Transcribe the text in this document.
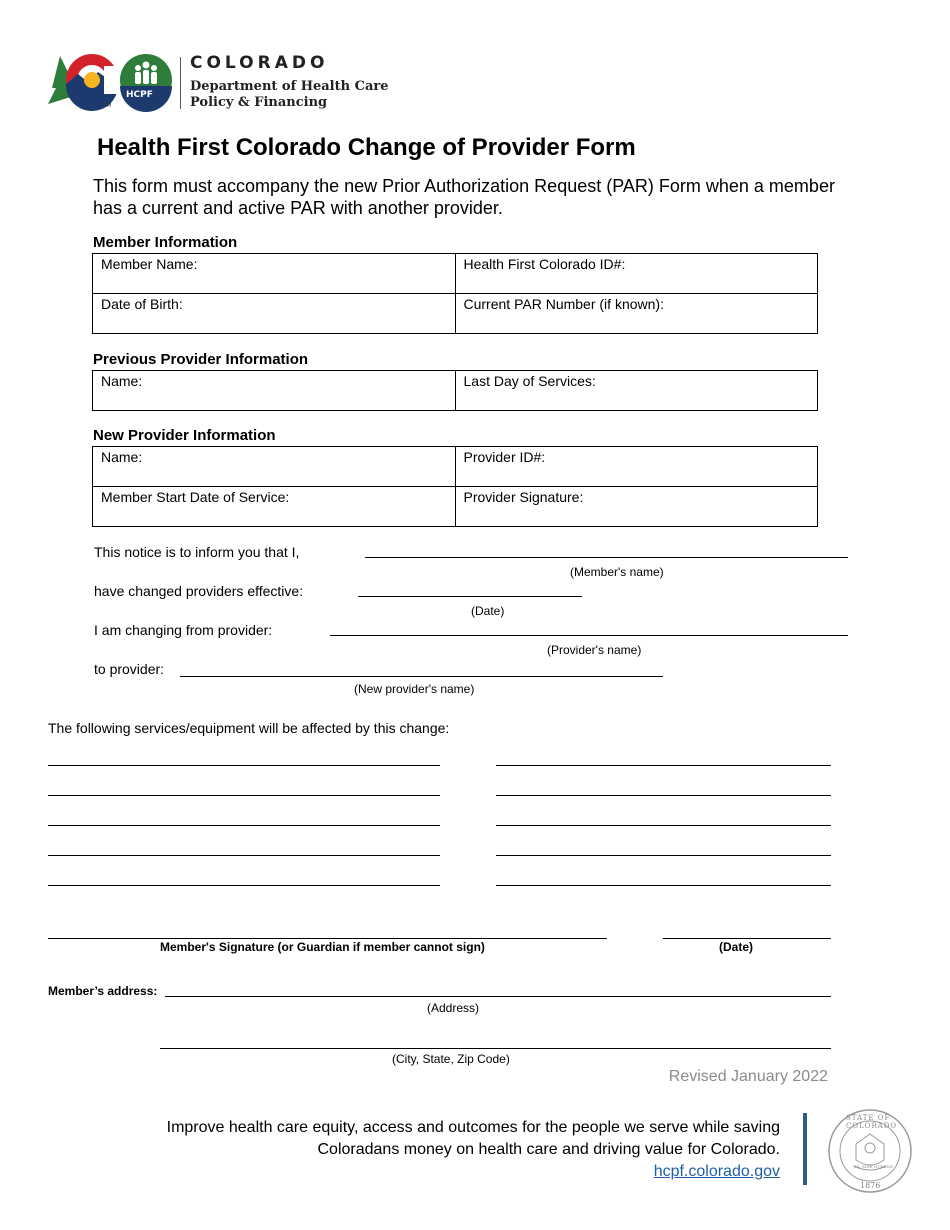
HCPF
TM
COLORADO
Department of Health Care
Policy & Financing
Health First Colorado Change of Provider Form
This form must accompany the new Prior Authorization Request (PAR) Form when a member has a current and active PAR with another provider.
Member Information
Member Name:	Health First Colorado ID#:
Date of Birth:	Current PAR Number (if known):
Previous Provider Information
Name:	Last Day of Services:
New Provider Information
Name:	Provider ID#:
Member Start Date of Service:	Provider Signature:
This notice is to inform you that I,
(Member's name)
have changed providers effective:
(Date)
I am changing from provider:
(Provider's name)
to provider:
(New provider's name)
The following services/equipment will be affected by this change:
Member's Signature (or Guardian if member cannot sign)	(Date)
Member’s address:
(Address)
(City, State, Zip Code)
Revised January 2022
Improve health care equity, access and outcomes for the people we serve while saving
Coloradans money on health care and driving value for Colorado.
hcpf.colorado.gov
STATE OF COLORADO
NIL SINE NUMINE
1876
